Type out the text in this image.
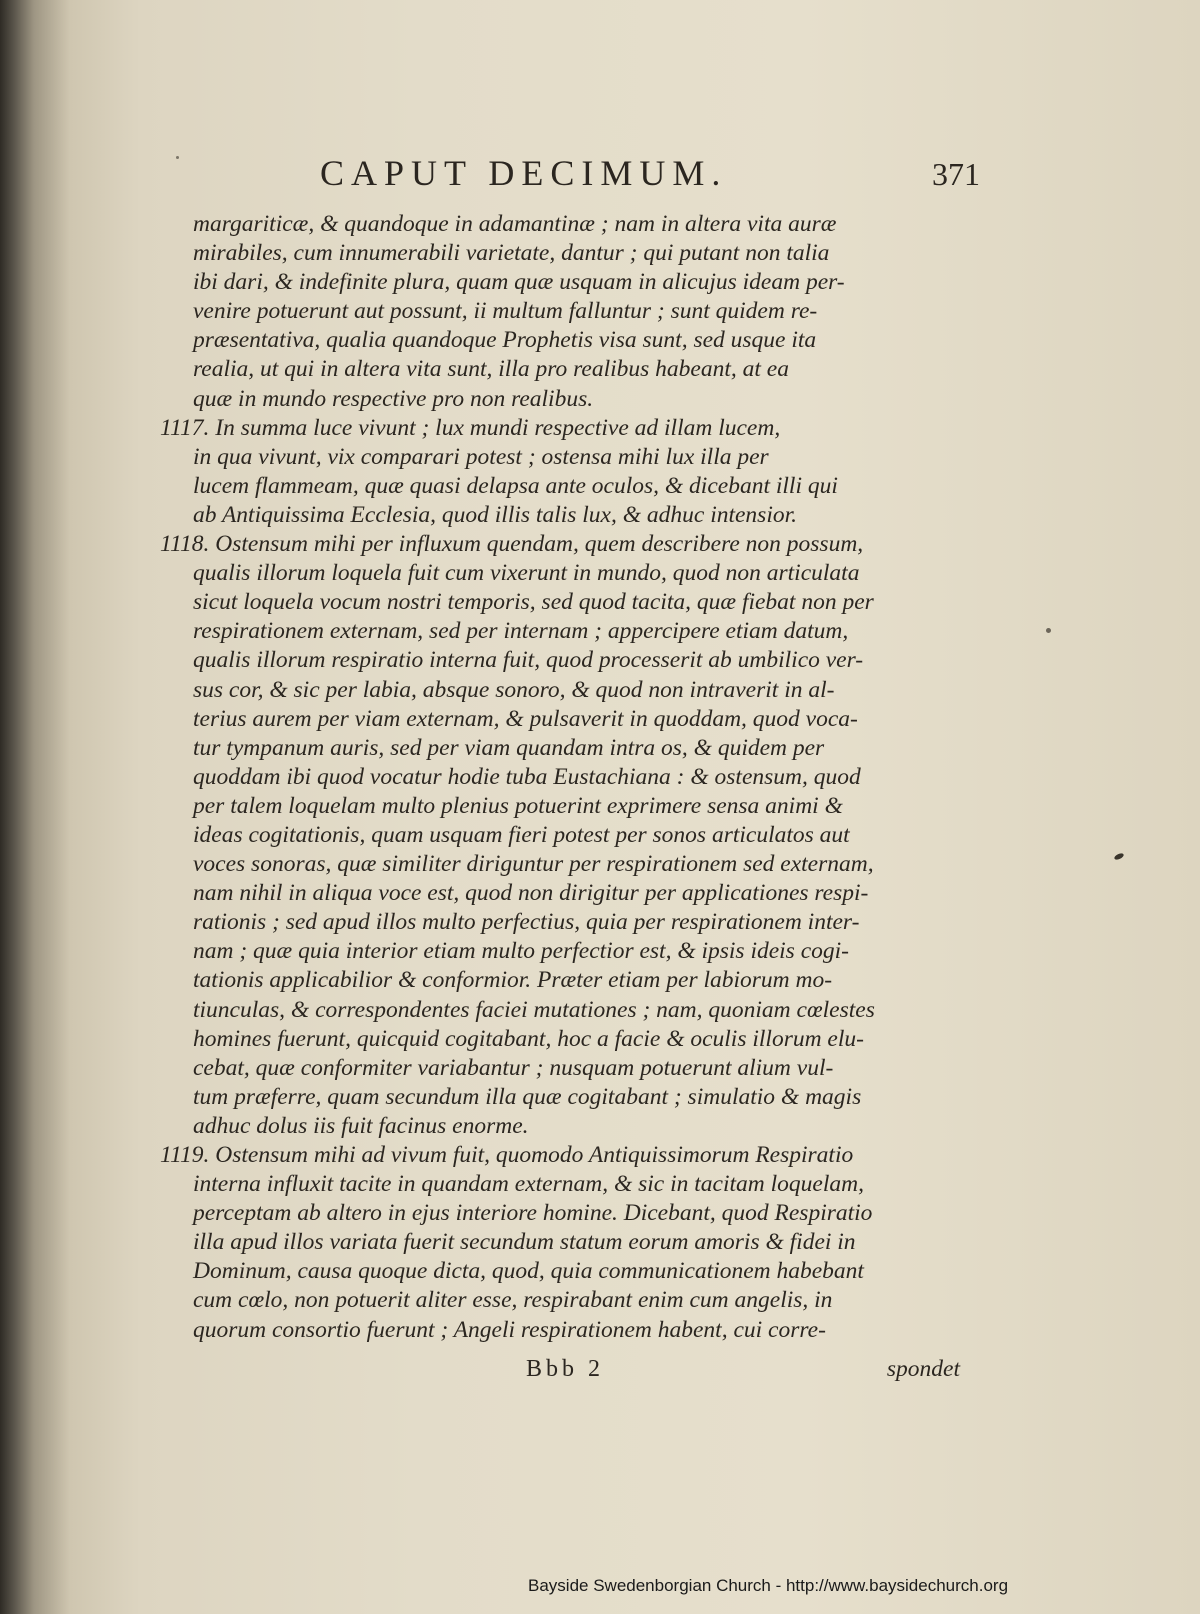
CAPUT DECIMUM.	371
margariticæ, & quandoque in adamantinæ ; nam in altera vita auræ
mirabiles, cum innumerabili varietate, dantur ; qui putant non talia
ibi dari, & indefinite plura, quam quæ usquam in alicujus ideam per-
venire potuerunt aut possunt, ii multum falluntur ; sunt quidem re-
præsentativa, qualia quandoque Prophetis visa sunt, sed usque ita
realia, ut qui in altera vita sunt, illa pro realibus habeant, at ea
quæ in mundo respective pro non realibus.
1117. In summa luce vivunt ; lux mundi respective ad illam lucem,
in qua vivunt, vix comparari potest ; ostensa mihi lux illa per
lucem flammeam, quæ quasi delapsa ante oculos, & dicebant illi qui
ab Antiquissima Ecclesia, quod illis talis lux, & adhuc intensior.
1118. Ostensum mihi per influxum quendam, quem describere non possum,
qualis illorum loquela fuit cum vixerunt in mundo, quod non articulata
sicut loquela vocum nostri temporis, sed quod tacita, quæ fiebat non per
respirationem externam, sed per internam ; appercipere etiam datum,
qualis illorum respiratio interna fuit, quod processerit ab umbilico ver-
sus cor, & sic per labia, absque sonoro, & quod non intraverit in al-
terius aurem per viam externam, & pulsaverit in quoddam, quod voca-
tur tympanum auris, sed per viam quandam intra os, & quidem per
quoddam ibi quod vocatur hodie tuba Eustachiana : & ostensum, quod
per talem loquelam multo plenius potuerint exprimere sensa animi &
ideas cogitationis, quam usquam fieri potest per sonos articulatos aut
voces sonoras, quæ similiter diriguntur per respirationem sed externam,
nam nihil in aliqua voce est, quod non dirigitur per applicationes respi-
rationis ; sed apud illos multo perfectius, quia per respirationem inter-
nam ; quæ quia interior etiam multo perfectior est, & ipsis ideis cogi-
tationis applicabilior & conformior. Præter etiam per labiorum mo-
tiunculas, & correspondentes faciei mutationes ; nam, quoniam cœlestes
homines fuerunt, quicquid cogitabant, hoc a facie & oculis illorum elu-
cebat, quæ conformiter variabantur ; nusquam potuerunt alium vul-
tum præferre, quam secundum illa quæ cogitabant ; simulatio & magis
adhuc dolus iis fuit facinus enorme.
1119. Ostensum mihi ad vivum fuit, quomodo Antiquissimorum Respiratio
interna influxit tacite in quandam externam, & sic in tacitam loquelam,
perceptam ab altero in ejus interiore homine. Dicebant, quod Respiratio
illa apud illos variata fuerit secundum statum eorum amoris & fidei in
Dominum, causa quoque dicta, quod, quia communicationem habebant
cum cœlo, non potuerit aliter esse, respirabant enim cum angelis, in
quorum consortio fuerunt ; Angeli respirationem habent, cui corre-
Bbb 2	spondet
Bayside Swedenborgian Church - http://www.baysidechurch.org
